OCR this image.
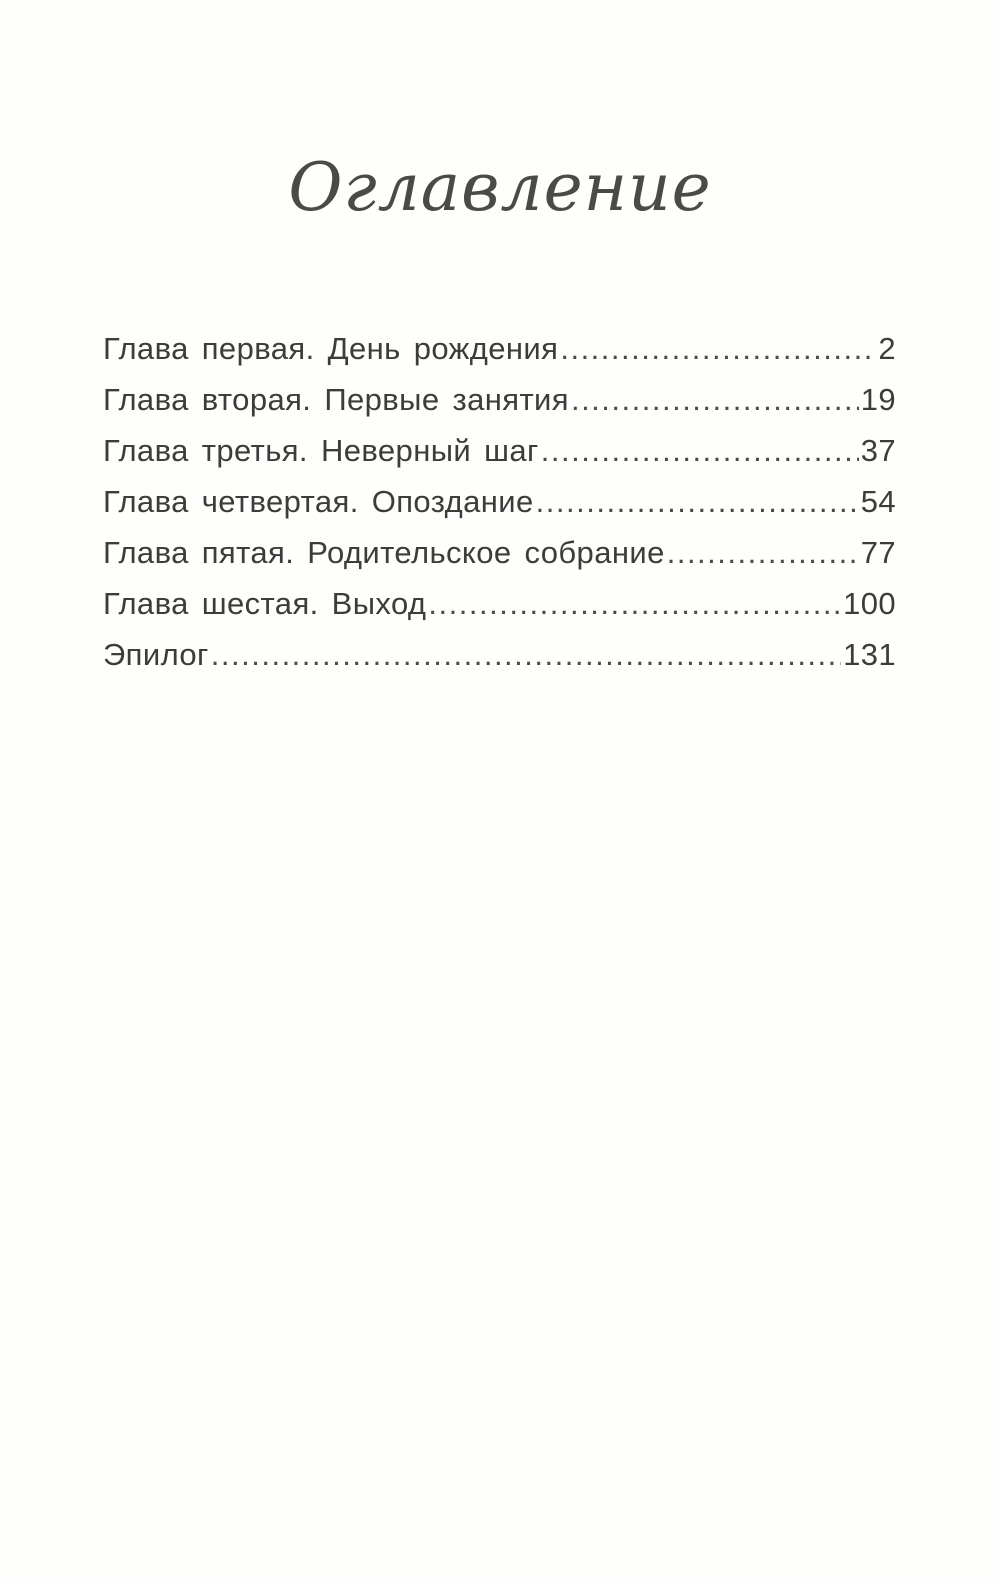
Оглавление
Глава первая. День рождения .....	2
Глава вторая. Первые занятия .....	19
Глава третья. Неверный шаг .....	37
Глава четвертая. Опоздание .....	54
Глава пятая. Родительское собрание .....	77
Глава шестая. Выход .....	100
Эпилог .....	131
